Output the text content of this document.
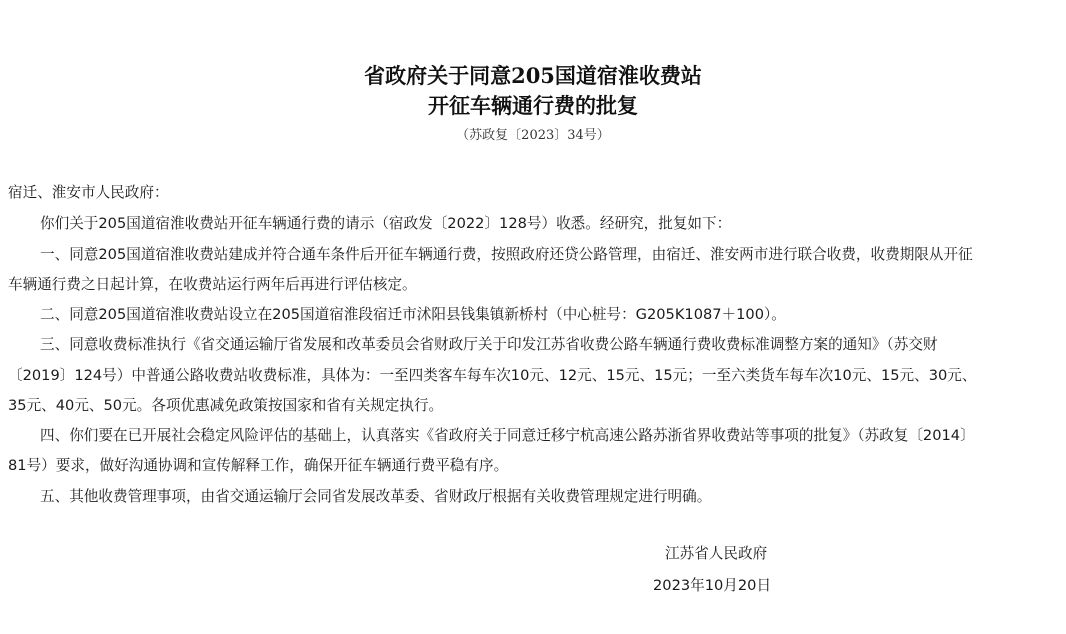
省政府关于同意205国道宿淮收费站
开征车辆通行费的批复
（苏政复〔2023〕34号）
宿迁、淮安市人民政府：
你们关于205国道宿淮收费站开征车辆通行费的请示（宿政发〔2022〕128号）收悉。经研究，批复如下：
一、同意205国道宿淮收费站建成并符合通车条件后开征车辆通行费，按照政府还贷公路管理，由宿迁、淮安两市进行联合收费，收费期限从开征
车辆通行费之日起计算，在收费站运行两年后再进行评估核定。
二、同意205国道宿淮收费站设立在205国道宿淮段宿迁市沭阳县钱集镇新桥村（中心桩号：G205K1087＋100）。
三、同意收费标准执行《省交通运输厅省发展和改革委员会省财政厅关于印发江苏省收费公路车辆通行费收费标准调整方案的通知》（苏交财
〔2019〕124号）中普通公路收费站收费标准，具体为：一至四类客车每车次10元、12元、15元、15元；一至六类货车每车次10元、15元、30元、
35元、40元、50元。各项优惠减免政策按国家和省有关规定执行。
四、你们要在已开展社会稳定风险评估的基础上，认真落实《省政府关于同意迁移宁杭高速公路苏浙省界收费站等事项的批复》（苏政复〔2014〕
81号）要求，做好沟通协调和宣传解释工作，确保开征车辆通行费平稳有序。
五、其他收费管理事项，由省交通运输厅会同省发展改革委、省财政厅根据有关收费管理规定进行明确。
江苏省人民政府
2023年10月20日
